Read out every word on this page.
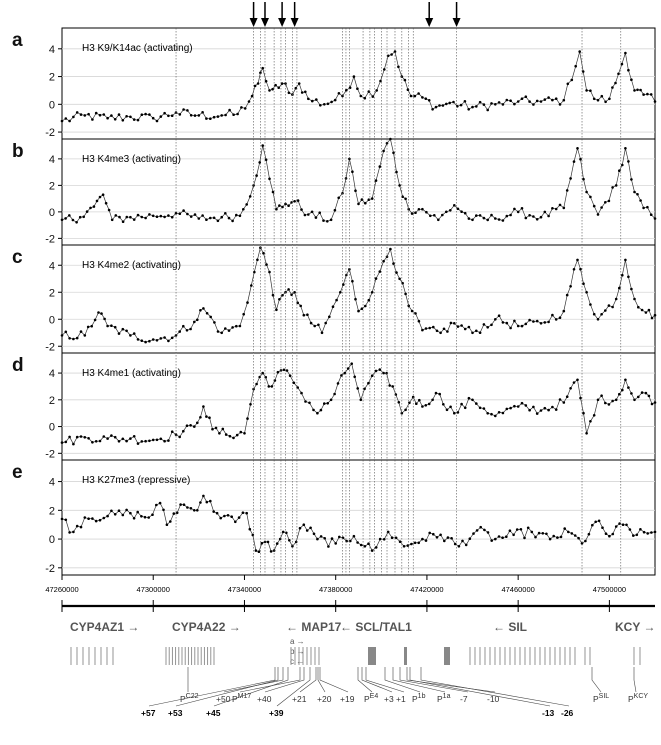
4
2
0
-2
a	H3 K9/K14ac (activating)
4
2
0
-2
b	H3 K4me3 (activating)
4
2
0
-2
c	H3 K4me2 (activating)
4
2
0
-2
d	H3 K4me1 (activating)
4
2
0
-2
e	H3 K27me3 (repressive)
47260000	47300000	47340000	47380000	47420000	47460000	47500000
CYP4AZ1 →	CYP4A22 →	← MAP17
← SCL/TAL1	← SIL	KCY →
a →
b →
c ←
$P^{C22}$
+57 +53
+50
+45
$P^{M17} +40$
+39
+21 +20 +19 $P^{E4} +3 +1$ $P^{1b}$ $P^{1a}$ -7 -10
-13 -26
$P^{SIL}$ $P^{KCY}$
